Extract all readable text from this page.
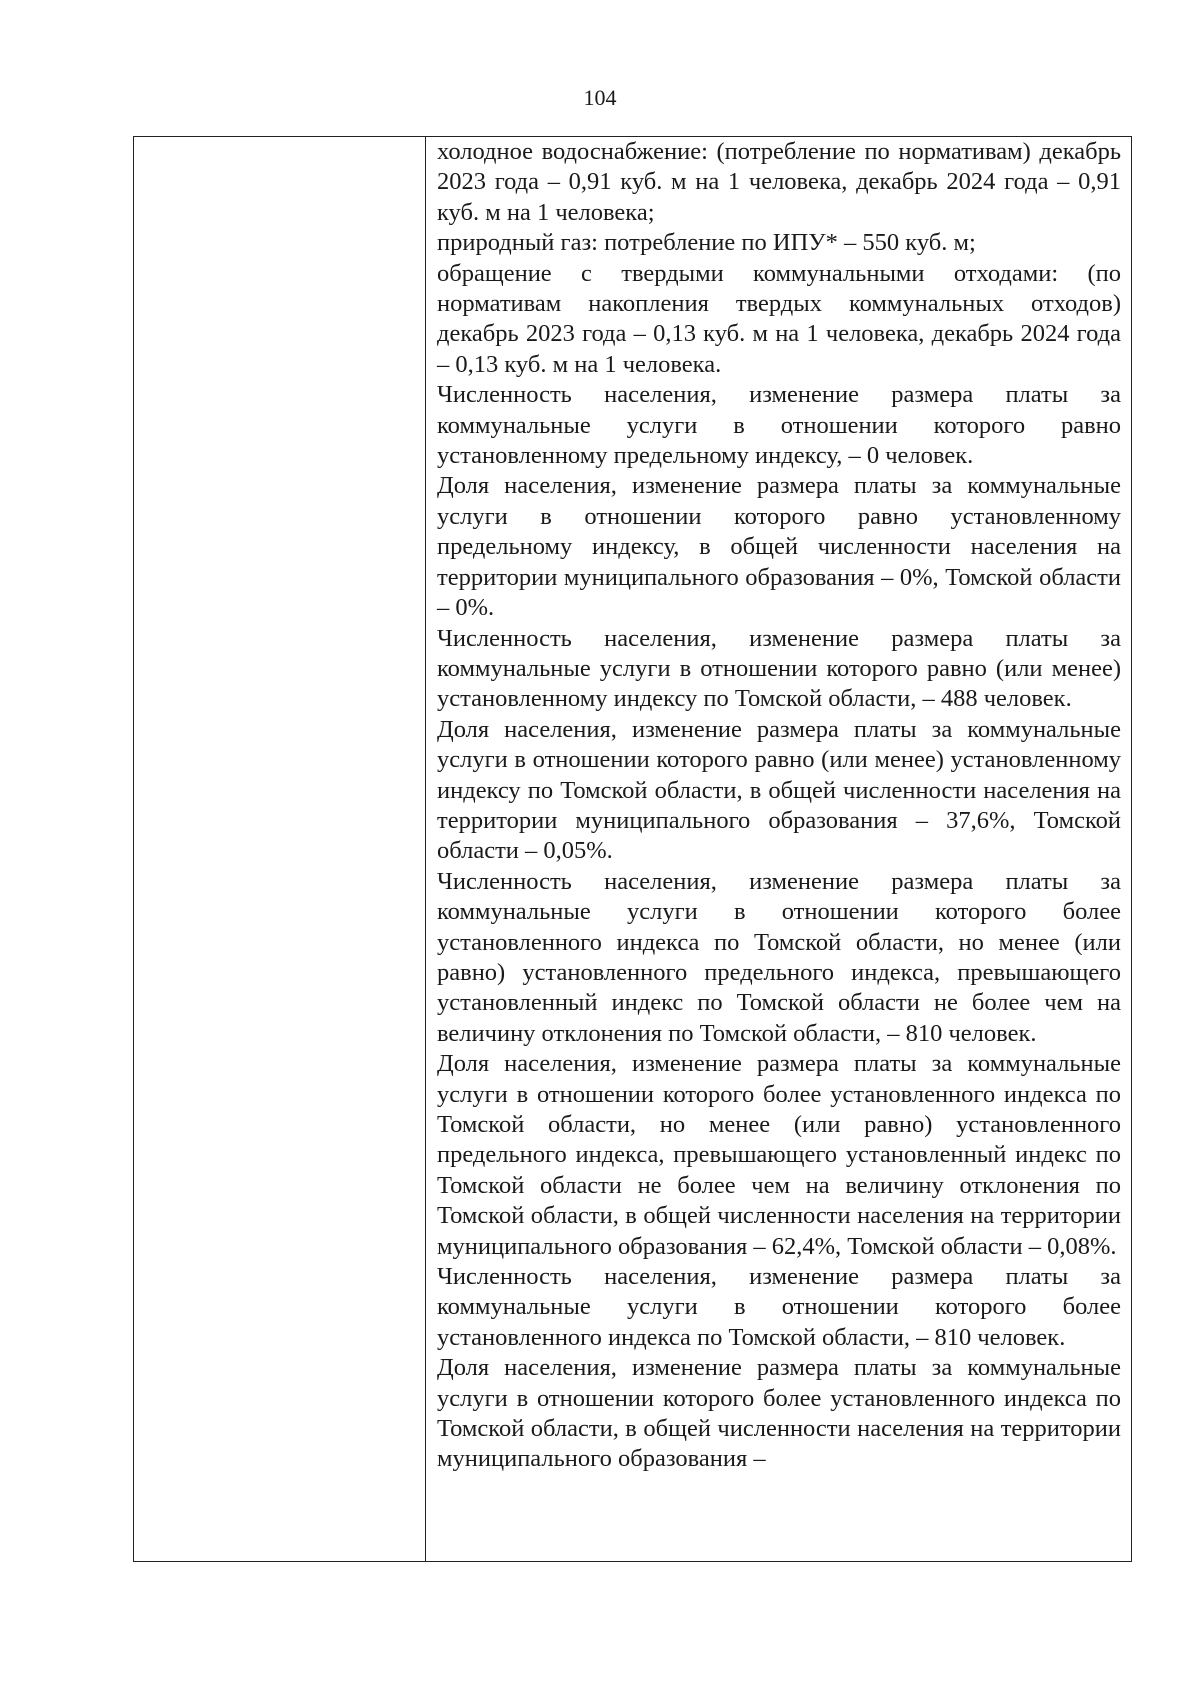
104

холодное водоснабжение: (потребление по нормативам) декабрь 2023 года – 0,91 куб. м на 1 человека, декабрь 2024 года – 0,91 куб. м на 1 человека;

природный газ: потребление по ИПУ* – 550 куб. м;

обращение с твердыми коммунальными отходами: (по нормативам накопления твердых коммунальных отходов) декабрь 2023 года – 0,13 куб. м на 1 человека, декабрь 2024 года – 0,13 куб. м на 1 человека.

Численность населения, изменение размера платы за коммунальные услуги в отношении которого равно установленному предельному индексу, – 0 человек.

Доля населения, изменение размера платы за коммунальные услуги в отношении которого равно установленному предельному индексу, в общей численности населения на территории муниципального образования – 0%, Томской области – 0%.

Численность населения, изменение размера платы за коммунальные услуги в отношении которого равно (или менее) установленному индексу по Томской области, – 488 человек.

Доля населения, изменение размера платы за коммунальные услуги в отношении которого равно (или менее) установленному индексу по Томской области, в общей численности населения на территории муниципального образования – 37,6%, Томской области – 0,05%.

Численность населения, изменение размера платы за коммунальные услуги в отношении которого более установленного индекса по Томской области, но менее (или равно) установленного предельного индекса, превышающего установленный индекс по Томской области не более чем на величину отклонения по Томской области, – 810 человек.

Доля населения, изменение размера платы за коммунальные услуги в отношении которого более установленного индекса по Томской области, но менее (или равно) установленного предельного индекса, превышающего установленный индекс по Томской области не более чем на величину отклонения по Томской области, в общей численности населения на территории муниципального образования – 62,4%, Томской области – 0,08%.

Численность населения, изменение размера платы за коммунальные услуги в отношении которого более установленного индекса по Томской области, – 810 человек.

Доля населения, изменение размера платы за коммунальные услуги в отношении которого более установленного индекса по Томской области, в общей численности населения на территории муниципального образования –
